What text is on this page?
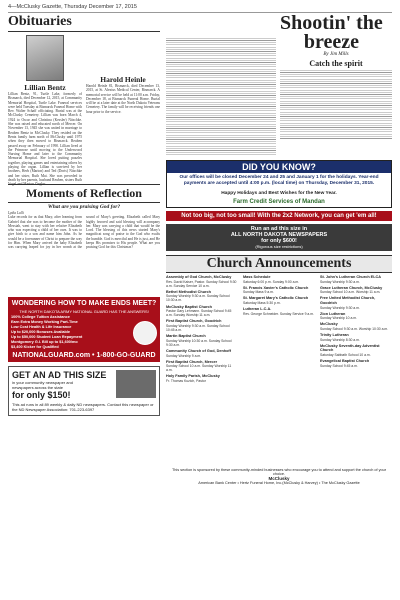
4—McClusky Gazette, Thursday December 17, 2015
Obituaries
Lillian Bentz
Lillian Bentz, 91, Turtle Lake, formerly of Bismarck, died December 12, 2015, at Community Memorial Hospital, Turtle Lake. Funeral services were held Tuesday at Bismarck Funeral Home with Rev. Walter Schaff officiating. Burial was at the McClusky Cemetery. Lillian was born March 4, 1924 to Oscar and Christina (Kessler) Nitschke. She was raised and educated north of Mercer. On November 13, 1945 she was united in marriage to Reuben Bentz in McClusky. They resided on the Bentz family farm north of McClusky until 1975 when they then moved to Bismarck. Reuben passed away on February of 1990. Lillian lived at the Primrose until moving to the Underwood Nursing Home and later to the Community Memorial Hospital. She loved putting puzzles together, playing games and entertaining others by playing the organ. Lillian is survived by her brothers, Herb (Marion) and Ted (Doris) Nitschke and her sister, Ruth Mai. She was preceded in death by her parents, husband Reuben, sisters Ruth Vogel and Marion Ziegler.

Harold Heinle
Harold Heinle 81, Bismarck, died December 13, 2015, at St. Alexius Medical Center, Bismarck. A memorial service will be held at 11:00 a.m. Friday, December 18, at Bismarck Funeral Home. Burial will be at a later date at the North Dakota Veterans Cemetery. The family will be receiving friends one hour prior to the service.
Moments of Reflection
What are you praising God for?
Lydia Lalli
Luke records for us that Mary, after learning from Gabriel that she was to become the mother of the Messiah, went to stay with her relative Elizabeth who was expecting a child of her own. It was to give birth to a son and name him John. As he would be a forerunner of Christ to prepare the way for Him. When Mary arrived the baby Elizabeth was carrying leaped for joy in her womb at the sound of Mary's greeting. Elizabeth called Mary highly favored and said blessing will accompany her. Mary was carrying a child that would be the Lord. The blessing of this news started Mary's magnificat song of praise to the God who exalts the humble. God is merciful and He is just, and He keeps His promises to His people. What are you praising God for this Christmas?
WONDERING HOW TO MAKE ENDS MEET?
THE NORTH DAKOTA ARMY NATIONAL GUARD HAS THE ANSWERS!
100% College Tuition Assistance
Earn Extra Money Working Part-Time
Low Cost Health & Life Insurance
Up to $20,000 Bonuses Available
Up to $50,000 Student Loan Repayment
Montgomery G.I. Bill up to $1,600/mo
$3,400 Kicker for Qualified
NATIONALGUARD.com • 1-800-GO-GUARD
GET AN AD THIS SIZE
in your community newspaper and
newspapers across the state
for only $150!
This ad runs in all 89 weekly & daily ND newspapers. Contact this newspaper or the ND Newspaper Association: 701-223-6397
Shootin' the
breeze
By Jim Mills
Catch the spirit
DID YOU KNOW?
Our offices will be closed December 24 and 25 and January 1 for the holidays. Year-end payments are accepted until 4:00 p.m. (local time) on Thursday, December 31, 2015.
Happy Holidays and Best Wishes for the New Year.
Farm Credit Services of Mandan
Not too big, not too small! With the 2x2 Network, you can get 'em all!
Run an ad this size in
ALL NORTH DAKOTA NEWSPAPERS
for only $600!
(Rigorous size restrictions)
Church Announcements
Assembly of God Church, McClusky
Rev. David Kaiser, Pastor. Sunday School 9:30 a.m. Sunday Service 10 a.m.
Bethel Methodist Church
Sunday Worship 9:30 a.m. Sunday School 10:30 a.m.
McClusky Baptist Church
Pastor Gary Lehmann. Sunday School 9:45 a.m. Sunday Worship 11 a.m.
First Baptist Church, Goodrich
Sunday Worship 9:30 a.m. Sunday School 10:45 a.m.
Martin Baptist Church
Sunday Worship 10:30 a.m. Sunday School 9:30 a.m.
Community Church of God, Denhoff
Sunday Worship 9 a.m.
First Baptist Church, Mercer
Sunday School 10 a.m. Sunday Worship 11 a.m.
Holy Family Parish, McClusky
Fr. Thomas Kuzich, Pastor
Mass Schedule
Saturday 6:00 p.m. Sunday 9:00 a.m.
St. Francis Xavier's Catholic Church
Sunday Mass 9 a.m.
St. Margaret Mary's Catholic Church
Saturday Mass 5:30 p.m.
Lutheran L.C.A.
Rev. George Schneider. Sunday Service 9 a.m.
St. John's Lutheran Church ELCA
Sunday Worship 9:30 a.m.
Grace Lutheran Church, McClusky
Sunday School 10 a.m. Worship 11 a.m.
Free United Methodist Church, Goodrich
Sunday Worship 9:30 a.m.
Zion Lutheran
Sunday Worship 10 a.m.
McClusky
Sunday School 9:30 a.m. Worship 10:30 a.m.
Trinity Lutheran
Sunday Worship 8:30 a.m.
McClusky Seventh-day Adventist Church
Saturday Sabbath School 10 a.m.
Evangelical Baptist Church
Sunday School 9:45 a.m.
This section is sponsored by these community-minded businesses who encourage you to attend and support the church of your choice.
McClusky
American Bank Center • Hertz Funeral Home, Inc.(McClusky & Harvey) • The McClusky Gazette
